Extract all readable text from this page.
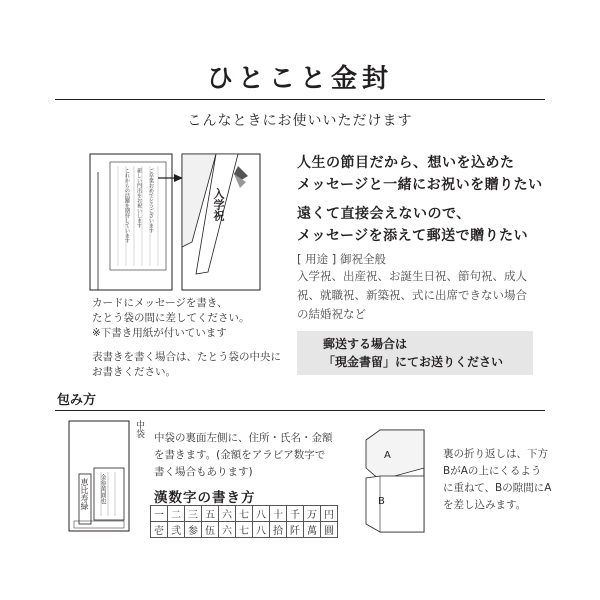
ひとこと金封
こんなときにお使いいただけます
入学祝
ご卒業おめでとうございます
新しい門出をお祝いします
これからの活躍を期待しています
カードにメッセージを書き、
たとう袋の間に差してください。
※下書き用紙が付いています
表書きを書く場合は、たとう袋の中央に
お書きください。
人生の節目だから、想いを込めた
メッセージと一緒にお祝いを贈りたい
遠くて直接会えないので、
メッセージを添えて郵送で贈りたい
[ 用途 ] 御祝全般
入学祝、出産祝、お誕生日祝、節句祝、成人
祝、就職祝、新築祝、式に出席できない場合
の結婚祝など
郵送する場合は
「現金書留」にてお送りください
包み方
恵比寿緑 金参萬圓也
中袋 中袋の裏面左側に、住所・氏名・金額
を書きます。(金額をアラビア数字で
書く場合もあります)
漢数字の書き方
一	二	三	五	六	七	八	十	千	万	円
壱	弐	参	伍	六	七	八	拾	阡	萬	圓
A
B
裏の折り返しは、下方
BがAの上にくるよう
に重ねて、Bの隙間にA
を差し込みます。
